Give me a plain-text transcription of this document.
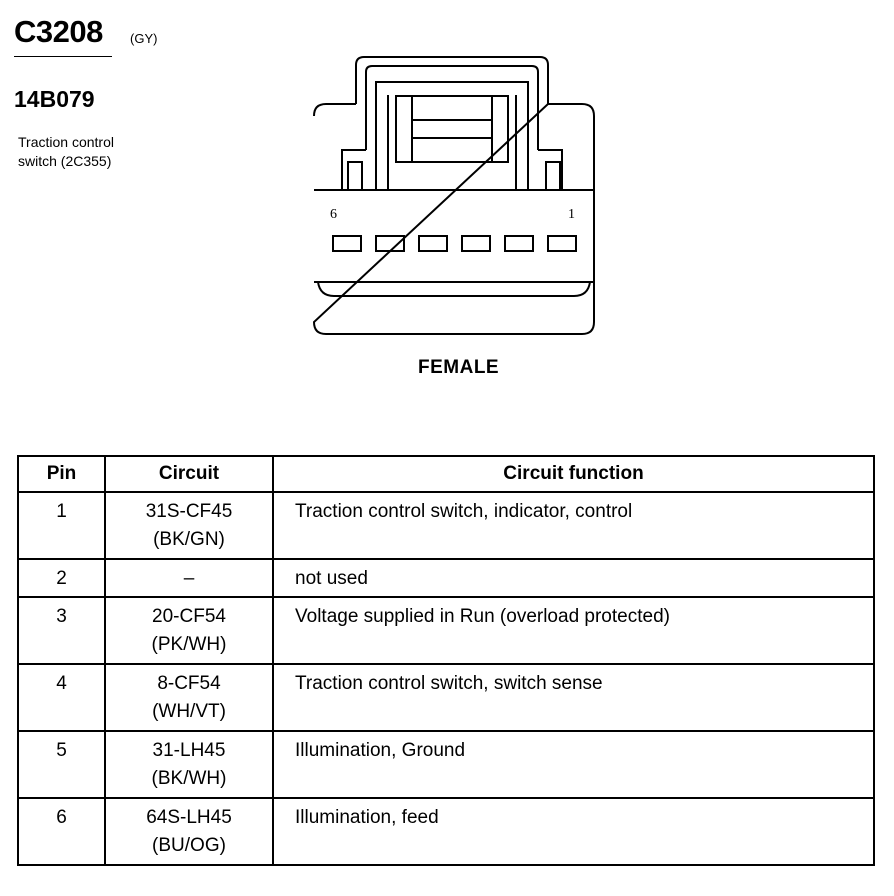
C3208 (GY)
14B079
Traction control
switch (2C355)
6	1
FEMALE
Pin	Circuit	Circuit function

1	31S-CF45
(BK/GN)	Traction control switch, indicator, control

2	–	not used

3	20-CF54
(PK/WH)	Voltage supplied in Run (overload protected)

4	8-CF54
(WH/VT)	Traction control switch, switch sense

5	31-LH45
(BK/WH)	Illumination, Ground

6	64S-LH45
(BU/OG)	Illumination, feed
